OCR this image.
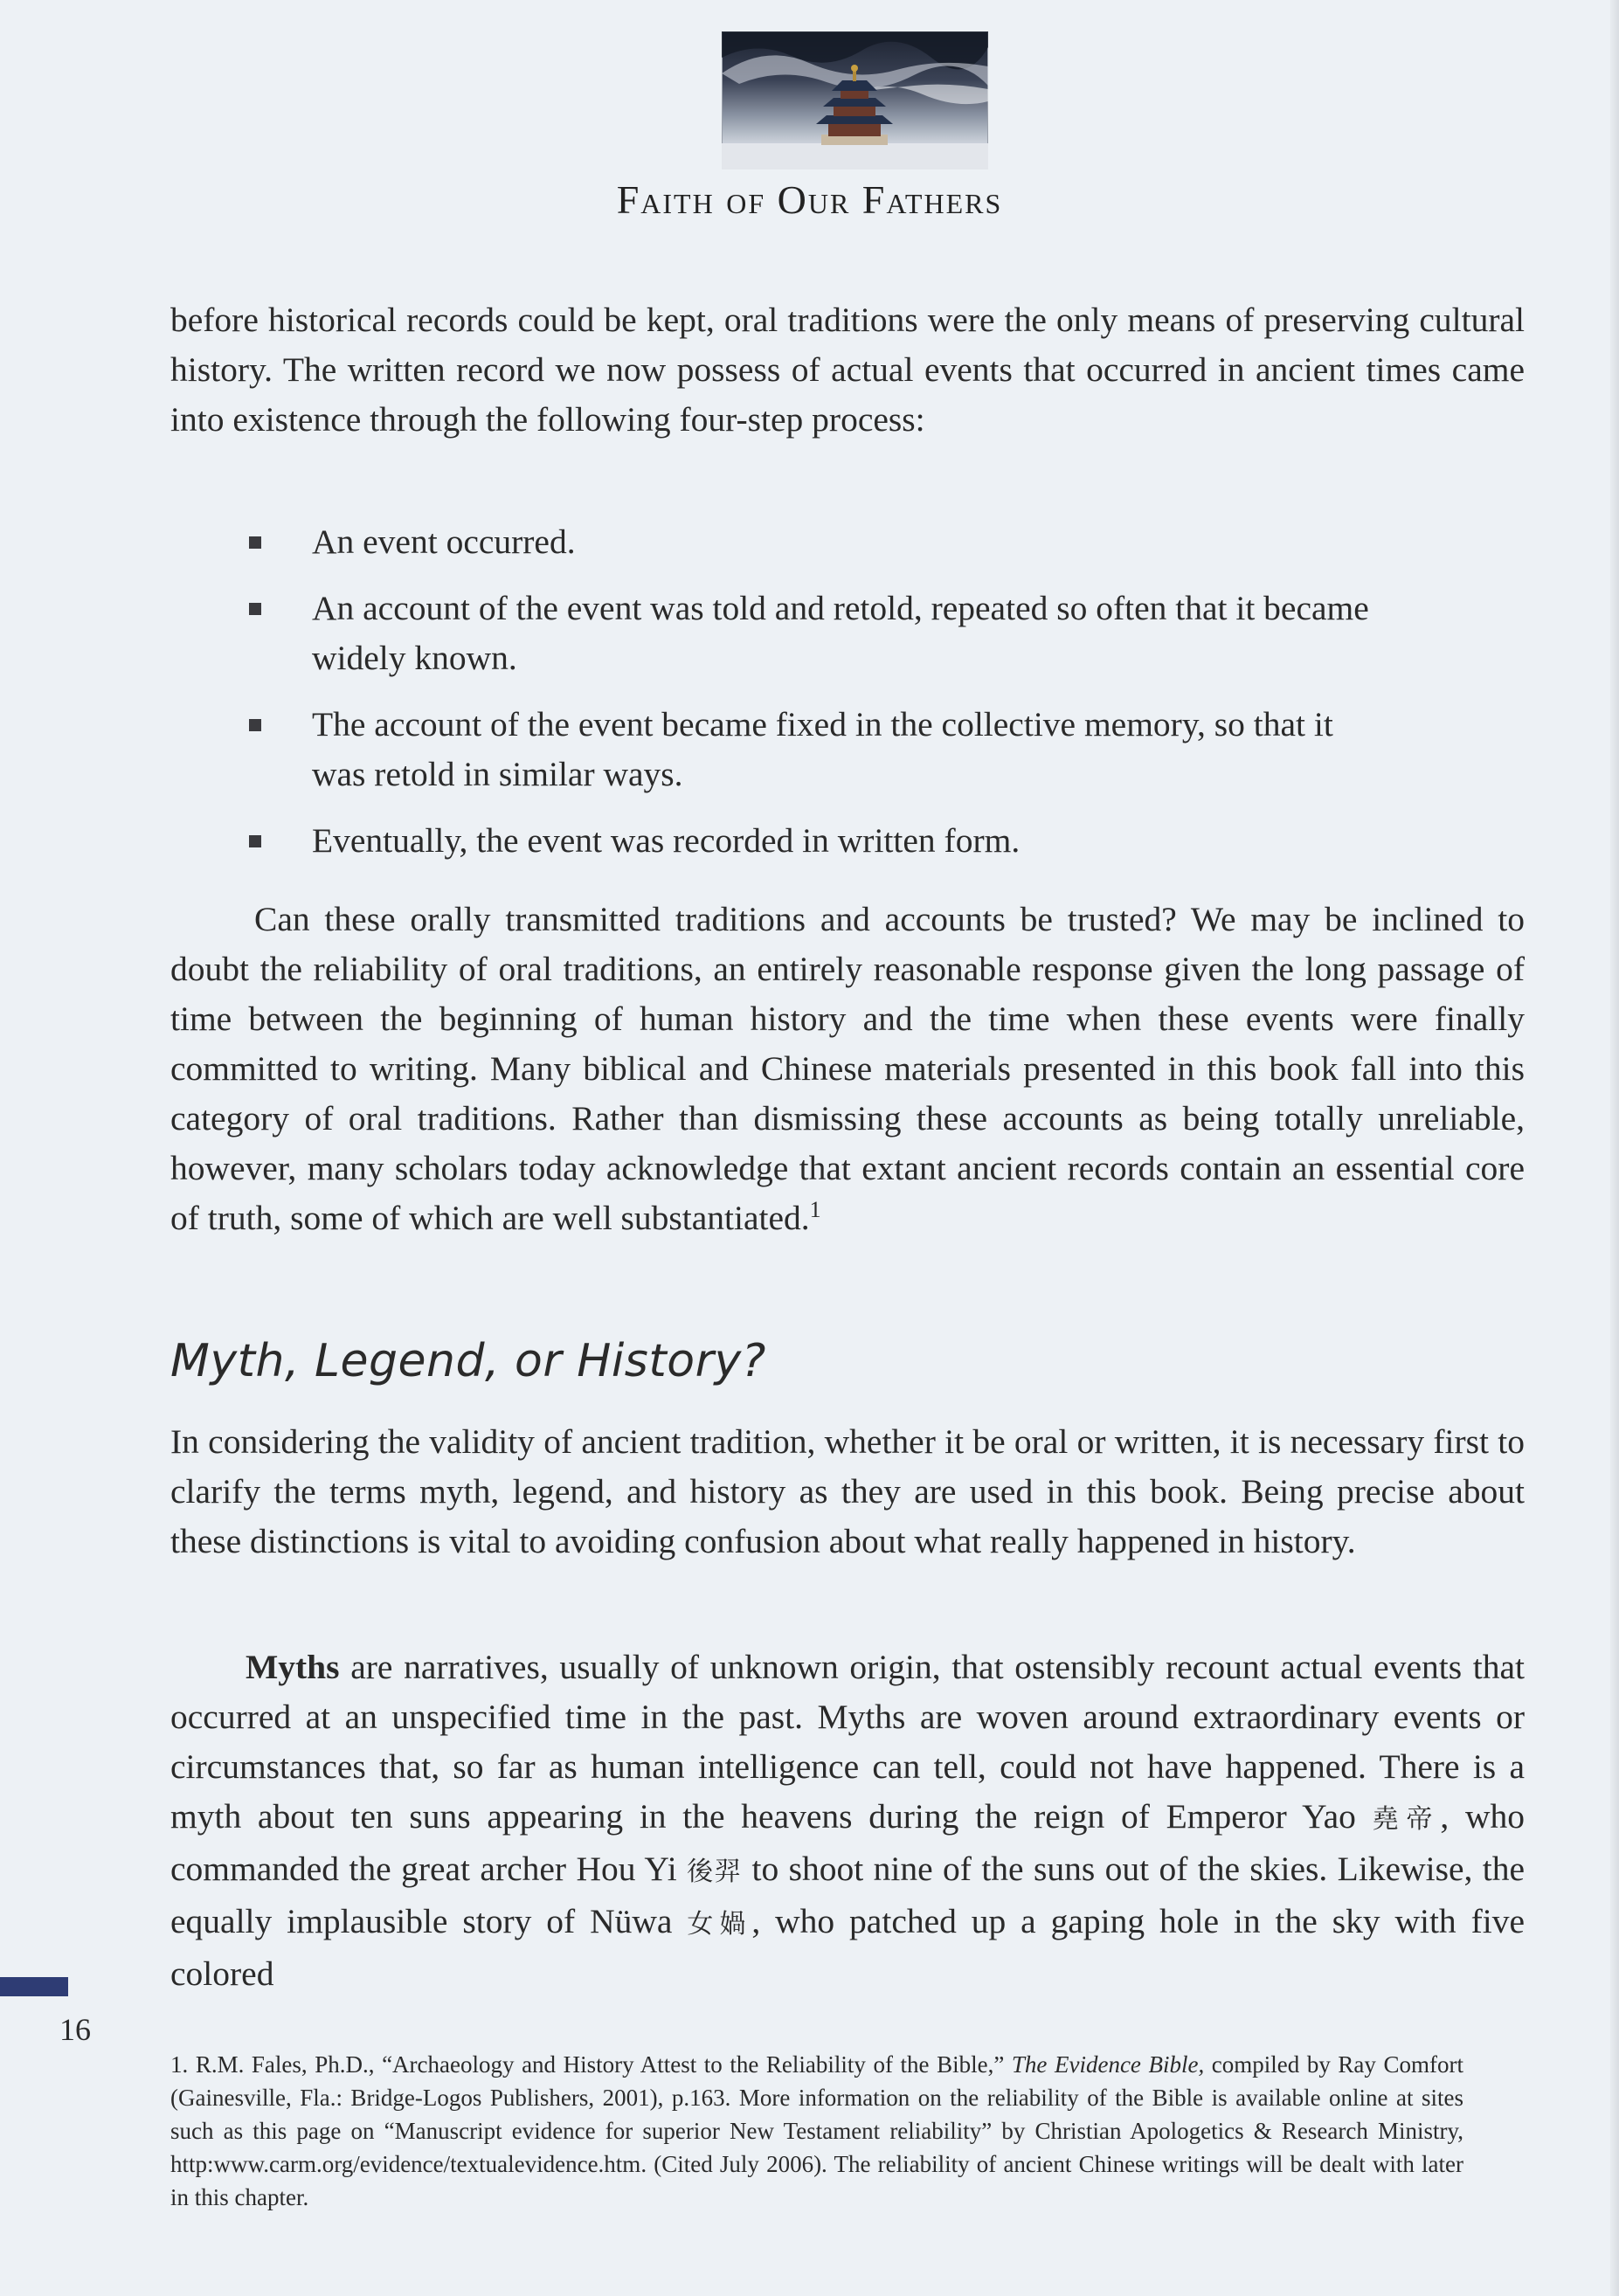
Faith of Our Fathers

before historical records could be kept, oral traditions were the only means of preserving cultural history. The written record we now possess of actual events that occurred in ancient times came into existence through the following four-step process:

An event occurred.
An account of the event was told and retold, repeated so often that it became widely known.
The account of the event became fixed in the collective memory, so that it was retold in similar ways.
Eventually, the event was recorded in written form.

Can these orally transmitted traditions and accounts be trusted? We may be inclined to doubt the reliability of oral traditions, an entirely reasonable response given the long passage of time between the beginning of human history and the time when these events were finally committed to writing. Many biblical and Chinese materials presented in this book fall into this category of oral traditions. Rather than dismissing these accounts as being totally unreliable, however, many scholars today acknowledge that extant ancient records contain an essential core of truth, some of which are well substantiated.$^1$

Myth, Legend, or History?

In considering the validity of ancient tradition, whether it be oral or written, it is necessary first to clarify the terms myth, legend, and history as they are used in this book. Being precise about these distinctions is vital to avoiding confusion about what really happened in history.

Myths are narratives, usually of unknown origin, that ostensibly recount actual events that occurred at an unspecified time in the past. Myths are woven around extraordinary events or circumstances that, so far as human intelligence can tell, could not have happened. There is a myth about ten suns appearing in the heavens during the reign of Emperor Yao 堯帝, who commanded the great archer Hou Yi 後羿 to shoot nine of the suns out of the skies. Likewise, the equally implausible story of Nüwa 女媧, who patched up a gaping hole in the sky with five colored

16

1. R.M. Fales, Ph.D., “Archaeology and History Attest to the Reliability of the Bible,” The Evidence Bible, compiled by Ray Comfort (Gainesville, Fla.: Bridge-Logos Publishers, 2001), p.163. More information on the reliability of the Bible is available online at sites such as this page on “Manuscript evidence for superior New Testament reliability” by Christian Apologetics & Research Ministry, http:www.carm.org/evidence/textualevidence.htm. (Cited July 2006). The reliability of ancient Chinese writings will be dealt with later in this chapter.
